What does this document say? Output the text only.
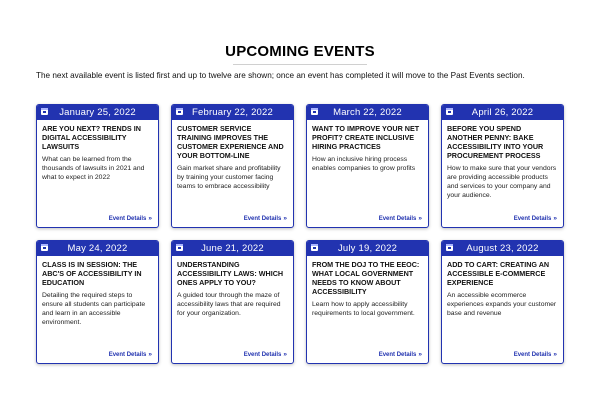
UPCOMING EVENTS
The next available event is listed first and up to twelve are shown; once an event has completed it will move to the Past Events section.
January 25, 2022
ARE YOU NEXT? TRENDS IN DIGITAL ACCESSIBILITY LAWSUITS
What can be learned from the thousands of lawsuits in 2021 and what to expect in 2022
Event Details »
February 22, 2022
CUSTOMER SERVICE TRAINING IMPROVES THE CUSTOMER EXPERIENCE AND YOUR BOTTOM-LINE
Gain market share and profitability by training your customer facing teams to embrace accessibility
Event Details »
March 22, 2022
WANT TO IMPROVE YOUR NET PROFIT? CREATE INCLUSIVE HIRING PRACTICES
How an inclusive hiring process enables companies to grow profits
Event Details »
April 26, 2022
BEFORE YOU SPEND ANOTHER PENNY: BAKE ACCESSIBILITY INTO YOUR PROCUREMENT PROCESS
How to make sure that your vendors are providing accessible products and services to your company and your audience.
Event Details »
May 24, 2022
CLASS IS IN SESSION: THE ABC'S OF ACCESSIBILITY IN EDUCATION
Detailing the required steps to ensure all students can participate and learn in an accessible environment.
Event Details »
June 21, 2022
UNDERSTANDING ACCESSIBILITY LAWS: WHICH ONES APPLY TO YOU?
A guided tour through the maze of accessibility laws that are required for your organization.
Event Details »
July 19, 2022
FROM THE DOJ TO THE EEOC: WHAT LOCAL GOVERNMENT NEEDS TO KNOW ABOUT ACCESSIBILITY
Learn how to apply accessibility requirements to local government.
Event Details »
August 23, 2022
ADD TO CART: CREATING AN ACCESSIBLE E-COMMERCE EXPERIENCE
An accessible ecommerce experiences expands your customer base and revenue
Event Details »
